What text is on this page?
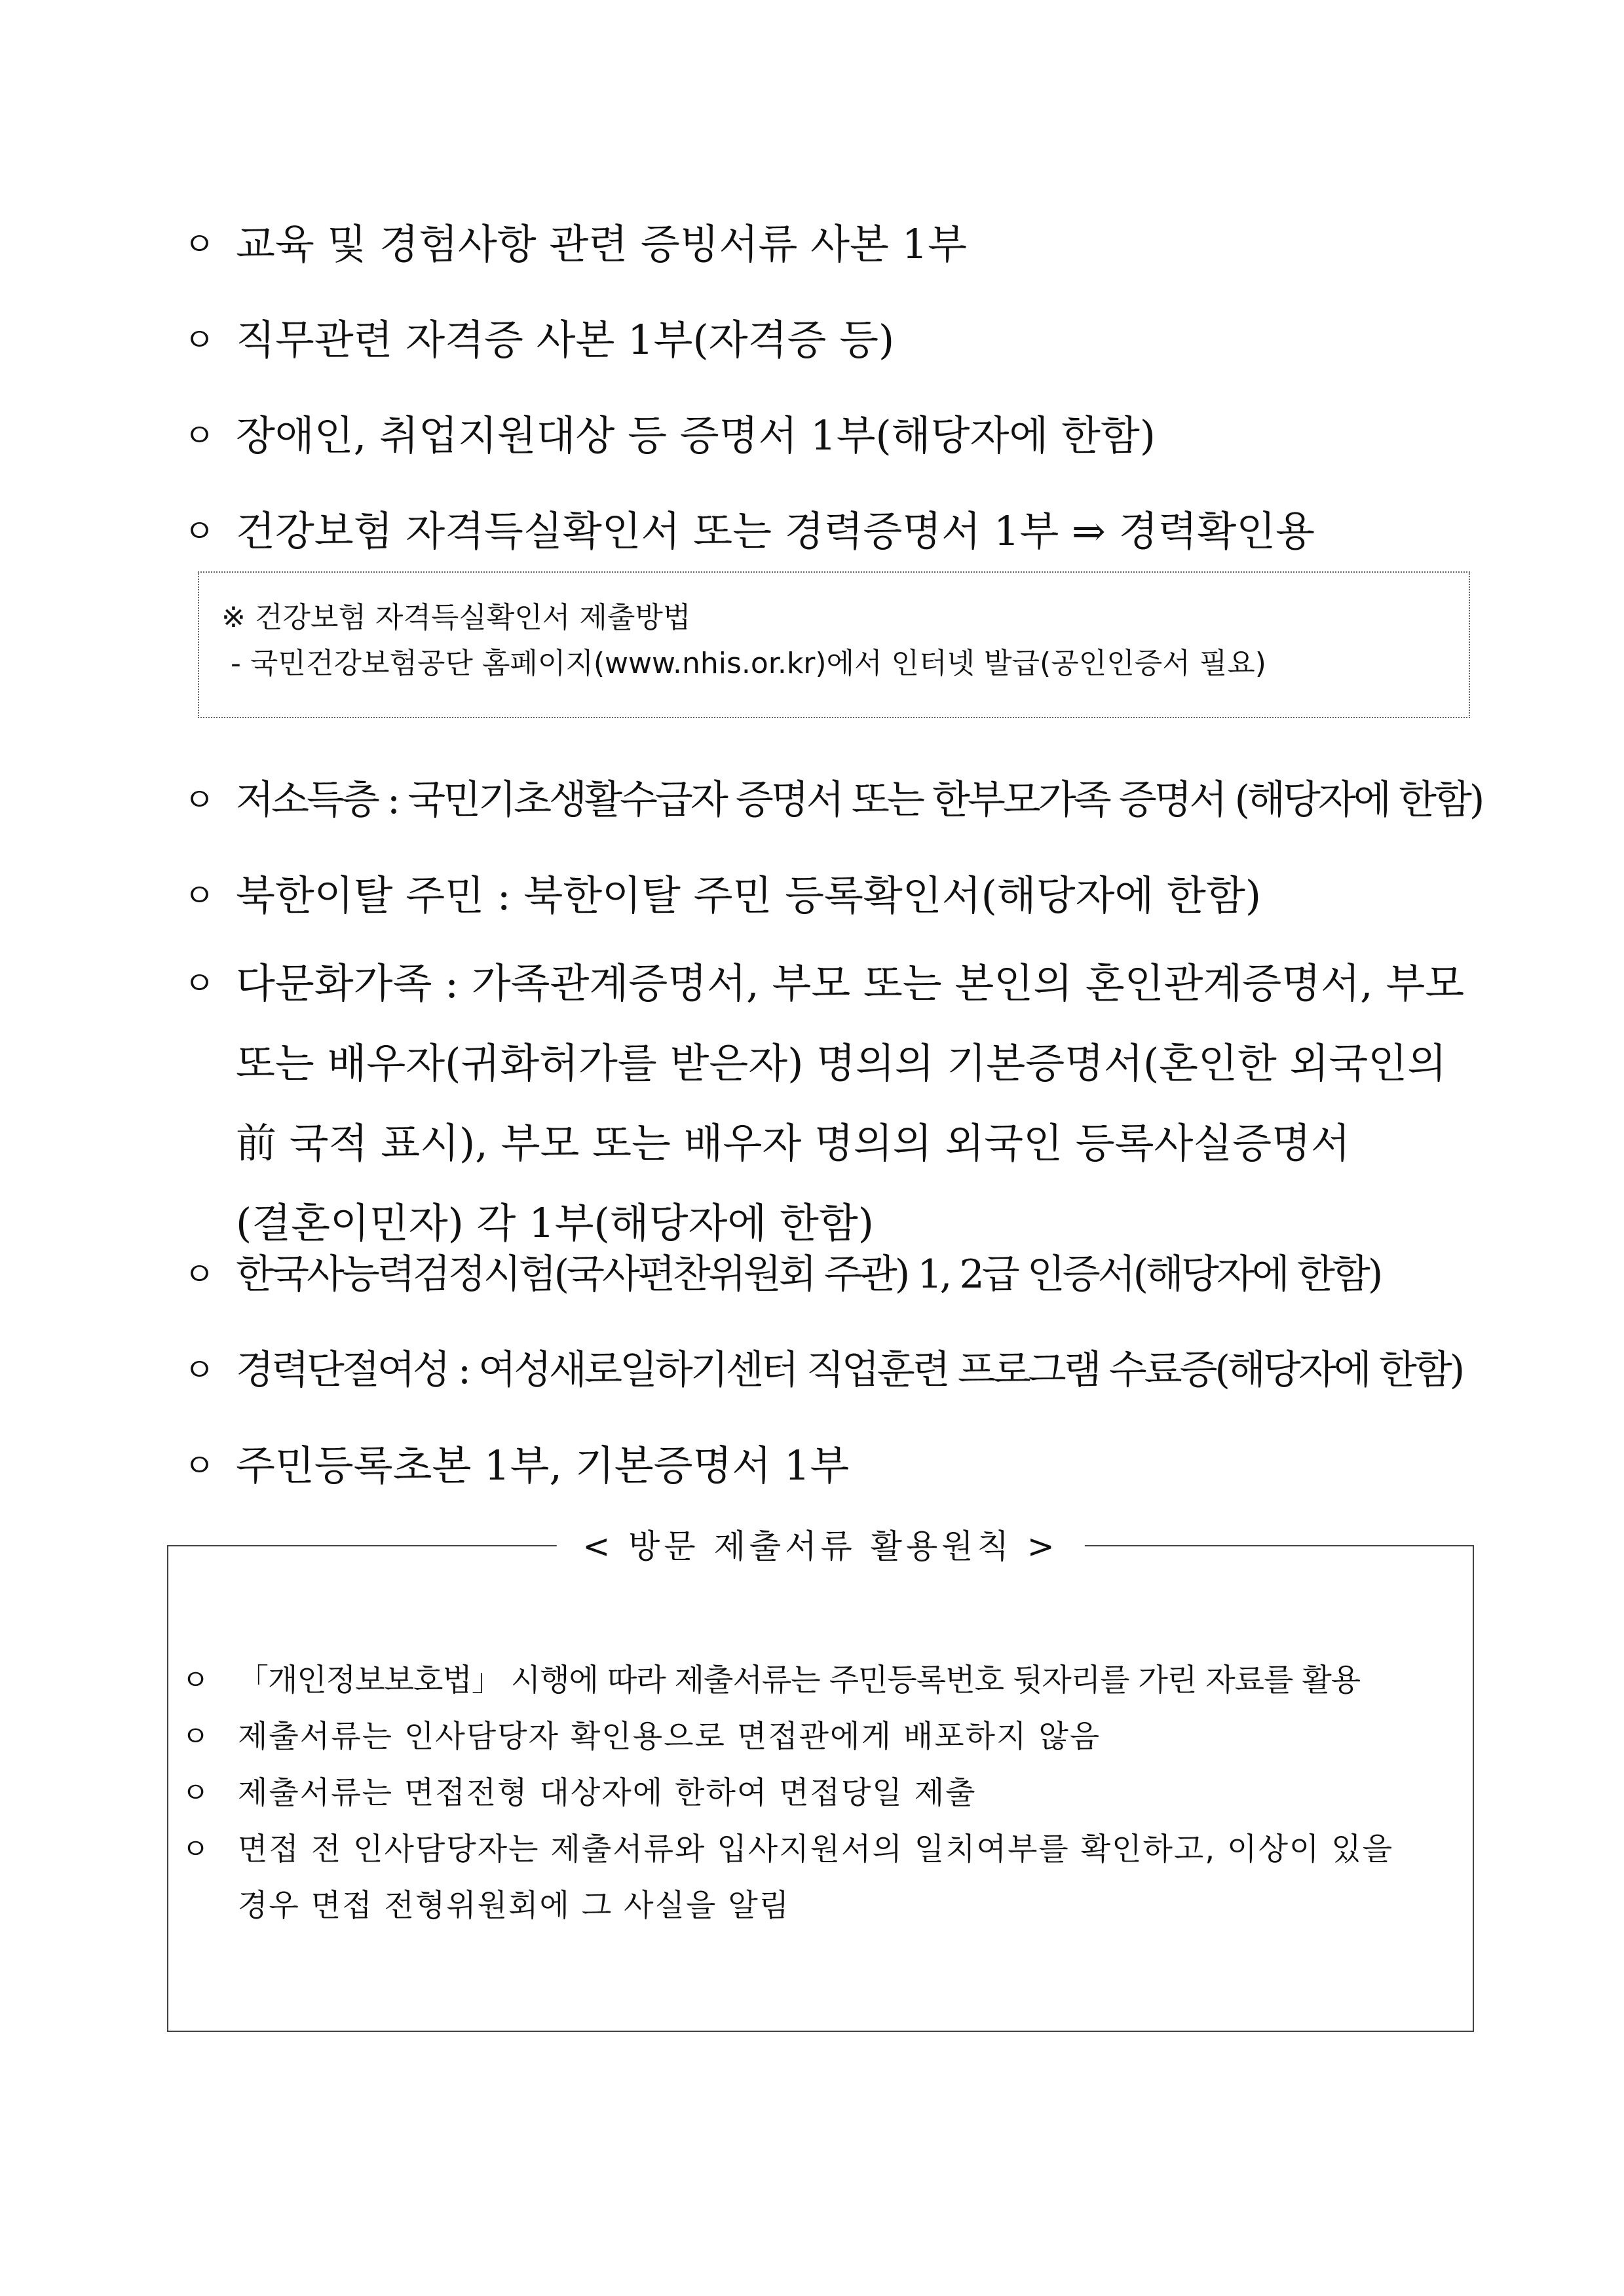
ㅇ 교육 및 경험사항 관련 증빙서류 사본 1부
ㅇ 직무관련 자격증 사본 1부(자격증 등)
ㅇ 장애인, 취업지원대상 등 증명서 1부(해당자에 한함)
ㅇ 건강보험 자격득실확인서 또는 경력증명서 1부 ⇒ 경력확인용
※ 건강보험 자격득실확인서 제출방법
- 국민건강보험공단 홈페이지(www.nhis.or.kr)에서 인터넷 발급(공인인증서 필요)
ㅇ 저소득층 : 국민기초생활수급자 증명서 또는 한부모가족 증명서 (해당자에 한함)
ㅇ 북한이탈 주민 : 북한이탈 주민 등록확인서(해당자에 한함)
ㅇ 다문화가족 : 가족관계증명서, 부모 또는 본인의 혼인관계증명서, 부모 또는 배우자(귀화허가를 받은자) 명의의 기본증명서(혼인한 외국인의 前 국적 표시), 부모 또는 배우자 명의의 외국인 등록사실증명서 (결혼이민자) 각 1부(해당자에 한함)
ㅇ 한국사능력검정시험(국사편찬위원회 주관) 1, 2급 인증서(해당자에 한함)
ㅇ 경력단절여성 : 여성새로일하기센터 직업훈련 프로그램 수료증(해당자에 한함)
ㅇ 주민등록초본 1부, 기본증명서 1부
< 방문 제출서류 활용원칙 >
ㅇ 「개인정보보호법」 시행에 따라 제출서류는 주민등록번호 뒷자리를 가린 자료를 활용
ㅇ 제출서류는 인사담당자 확인용으로 면접관에게 배포하지 않음
ㅇ 제출서류는 면접전형 대상자에 한하여 면접당일 제출
ㅇ 면접 전 인사담당자는 제출서류와 입사지원서의 일치여부를 확인하고, 이상이 있을 경우 면접 전형위원회에 그 사실을 알림
